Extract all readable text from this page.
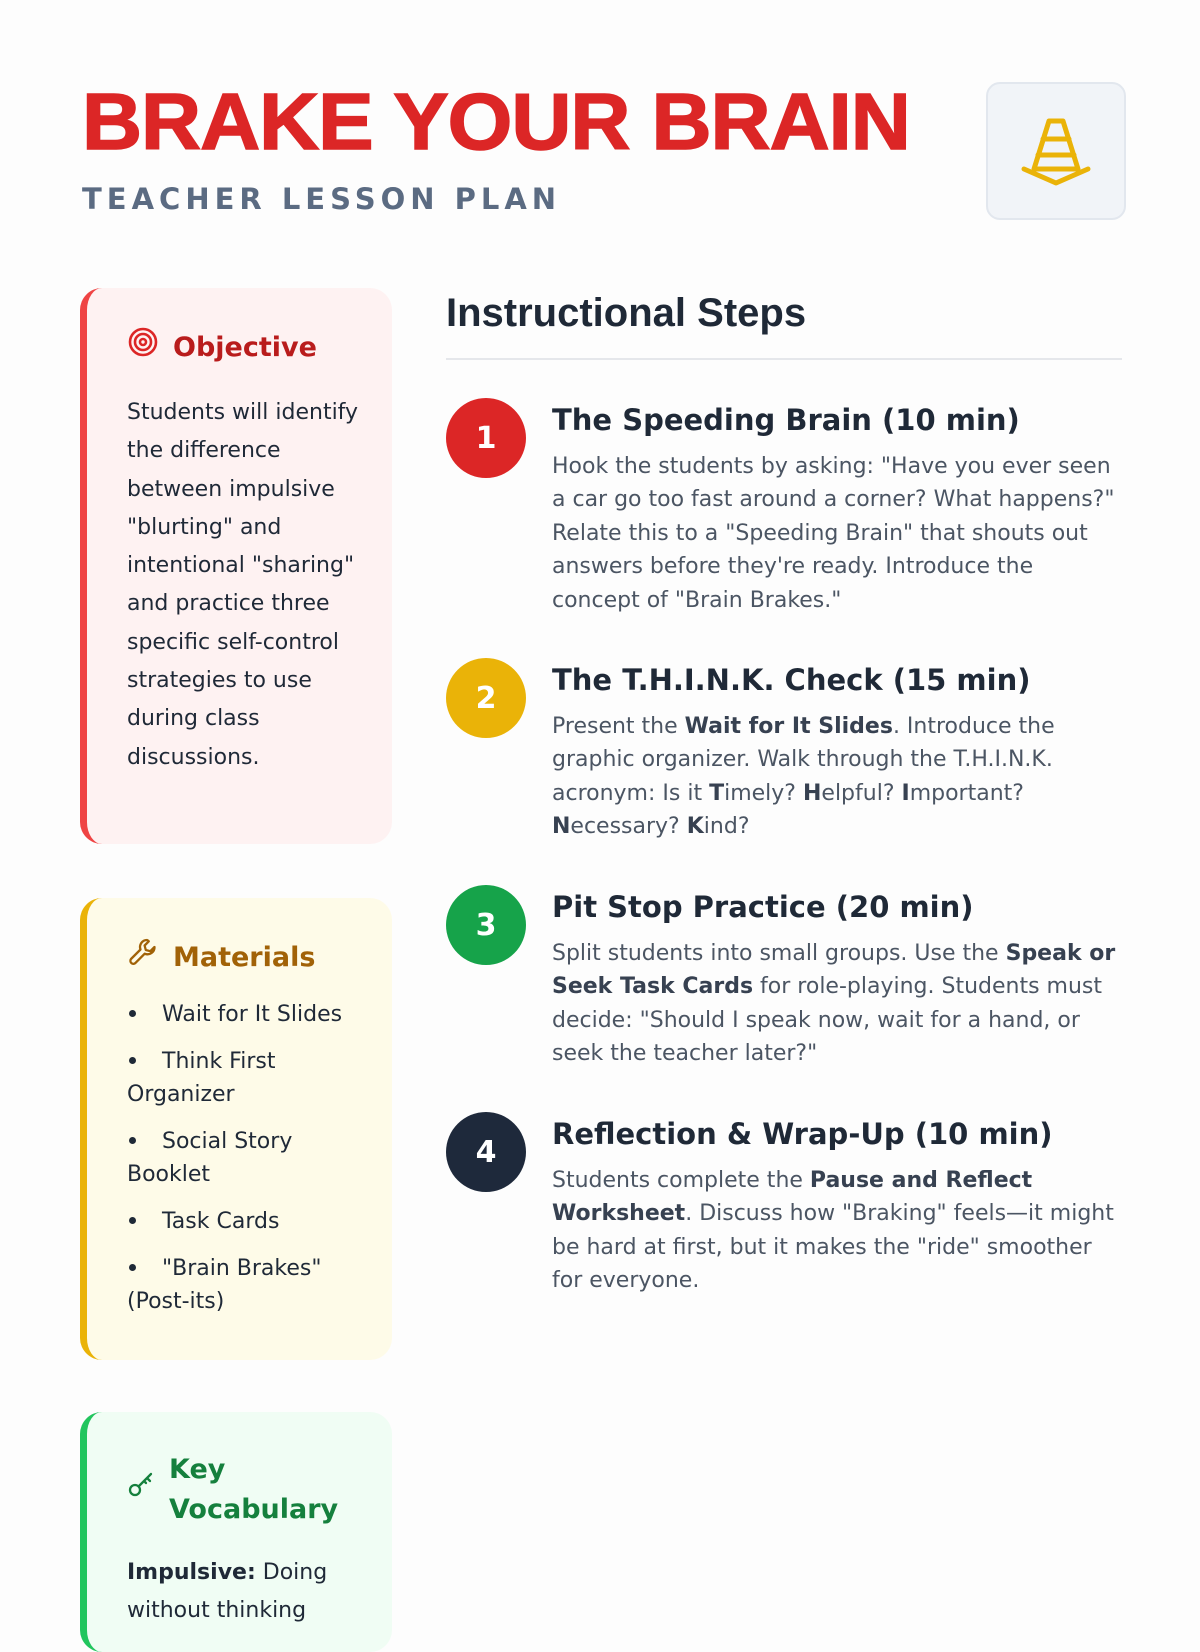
BRAKE YOUR BRAIN
TEACHER LESSON PLAN
Objective

Students will identify the difference between impulsive "blurting" and intentional "sharing" and practice three specific self-control strategies to use during class discussions.

Materials
Wait for It Slides
Think First Organizer
Social Story Booklet
Task Cards
"Brain Brakes" (Post-its)
Key Vocabulary

Impulsive: Doing without thinking

Instructional Steps
1
The Speeding Brain (10 min)
Hook the students by asking: "Have you ever seen a car go too fast around a corner? What happens?" Relate this to a "Speeding Brain" that shouts out answers before they're ready. Introduce the concept of "Brain Brakes."
2
The T.H.I.N.K. Check (15 min)
Present the Wait for It Slides. Introduce the graphic organizer. Walk through the T.H.I.N.K. acronym: Is it Timely? Helpful? Important? Necessary? Kind?
3
Pit Stop Practice (20 min)
Split students into small groups. Use the Speak or Seek Task Cards for role-playing. Students must decide: "Should I speak now, wait for a hand, or seek the teacher later?"
4
Reflection & Wrap-Up (10 min)
Students complete the Pause and Reflect Worksheet. Discuss how "Braking" feels—it might be hard at first, but it makes the "ride" smoother for everyone.
